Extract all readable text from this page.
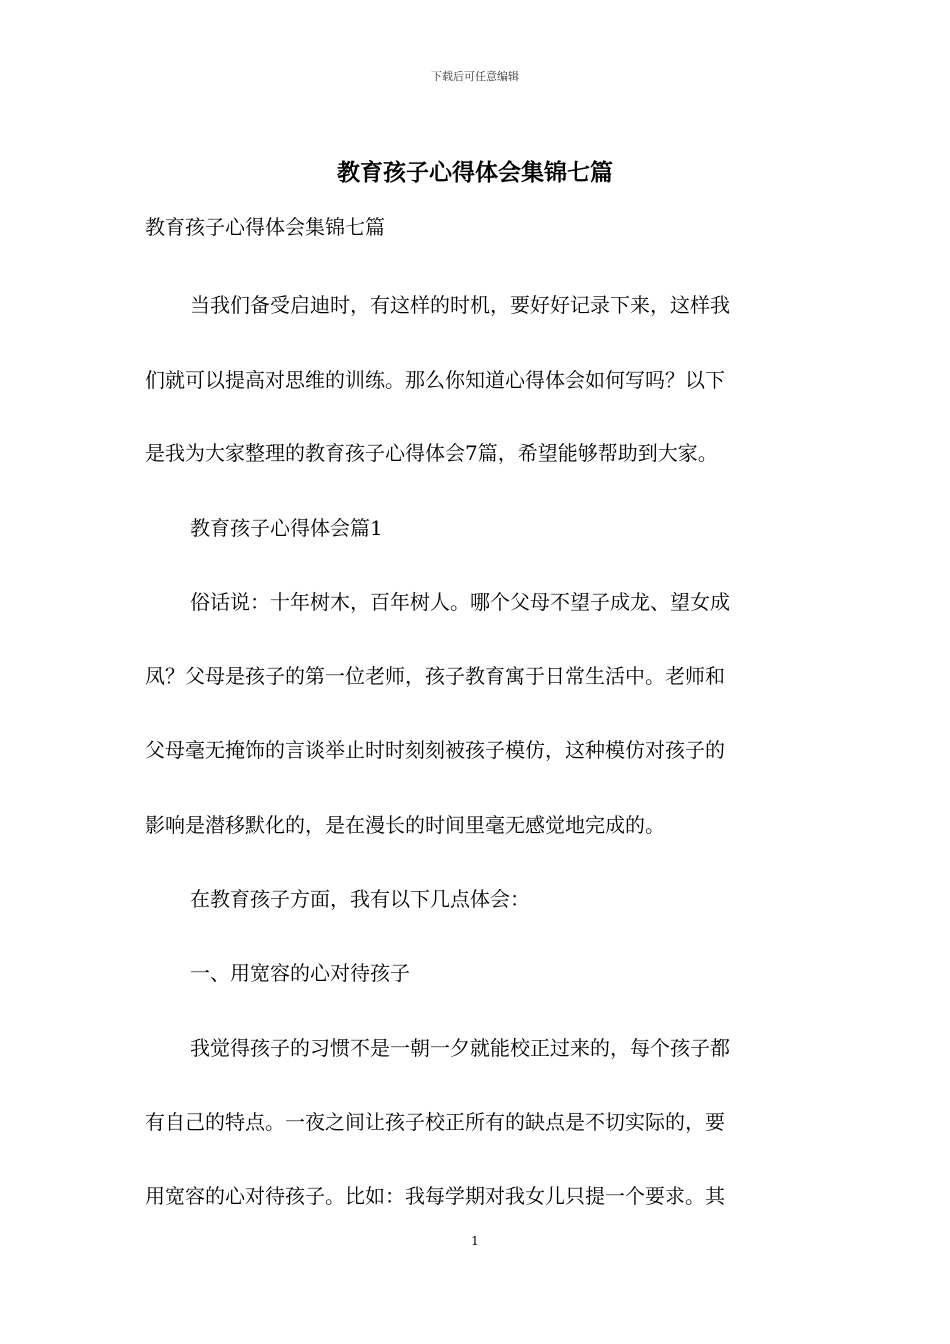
下载后可任意编辑
教育孩子心得体会集锦七篇

教育孩子心得体会集锦七篇

当我们备受启迪时，有这样的时机，要好好记录下来，这样我

们就可以提高对思维的训练。那么你知道心得体会如何写吗？以下

是我为大家整理的教育孩子心得体会7篇，希望能够帮助到大家。

教育孩子心得体会篇1

俗话说：十年树木，百年树人。哪个父母不望子成龙、望女成

凤？父母是孩子的第一位老师，孩子教育寓于日常生活中。老师和

父母毫无掩饰的言谈举止时时刻刻被孩子模仿，这种模仿对孩子的

影响是潜移默化的，是在漫长的时间里毫无感觉地完成的。

在教育孩子方面，我有以下几点体会：

一、用宽容的心对待孩子

我觉得孩子的习惯不是一朝一夕就能校正过来的，每个孩子都

有自己的特点。一夜之间让孩子校正所有的缺点是不切实际的，要

用宽容的心对待孩子。比如：我每学期对我女儿只提一个要求。其

1
